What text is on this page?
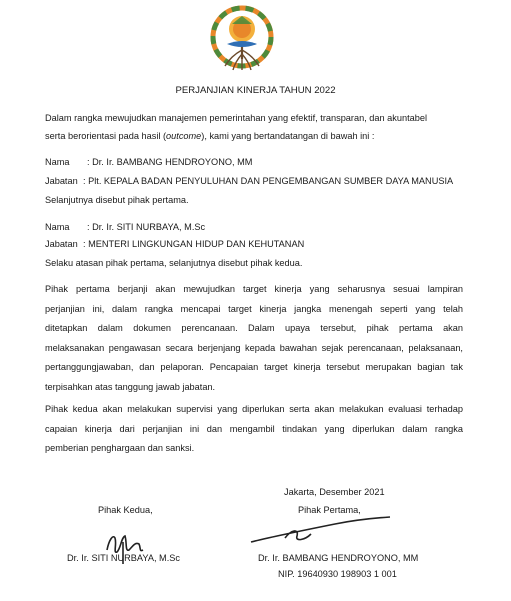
PERJANJIAN KINERJA TAHUN 2022

Dalam rangka mewujudkan manajemen pemerintahan yang efektif, transparan, dan akuntabel
serta berorientasi pada hasil (outcome), kami yang bertandatangan di bawah ini :

Nama : Dr. Ir. BAMBANG HENDROYONO, MM
Jabatan : Plt. KEPALA BADAN PENYULUHAN DAN PENGEMBANGAN SUMBER DAYA MANUSIA
Selanjutnya disebut pihak pertama.
Nama : Dr. Ir. SITI NURBAYA, M.Sc
Jabatan : MENTERI LINGKUNGAN HIDUP DAN KEHUTANAN
Selaku atasan pihak pertama, selanjutnya disebut pihak kedua.
Pihak pertama berjanji akan mewujudkan target kinerja yang seharusnya sesuai lampiran
perjanjian ini, dalam rangka mencapai target kinerja jangka menengah seperti yang telah
ditetapkan dalam dokumen perencanaan. Dalam upaya tersebut, pihak pertama akan
melaksanakan pengawasan secara berjenjang kepada bawahan sejak perencanaan, pelaksanaan,
pertanggungjawaban, dan pelaporan. Pencapaian target kinerja tersebut merupakan bagian tak
terpisahkan atas tanggung jawab jabatan.
Pihak kedua akan melakukan supervisi yang diperlukan serta akan melakukan evaluasi terhadap
capaian kinerja dari perjanjian ini dan mengambil tindakan yang diperlukan dalam rangka
pemberian penghargaan dan sanksi.
Jakarta, Desember 2021
Pihak Kedua,	Pihak Pertama,
Dr. Ir. SITI NURBAYA, M.Sc	Dr. Ir. BAMBANG HENDROYONO, MM
NIP. 19640930 198903 1 001
